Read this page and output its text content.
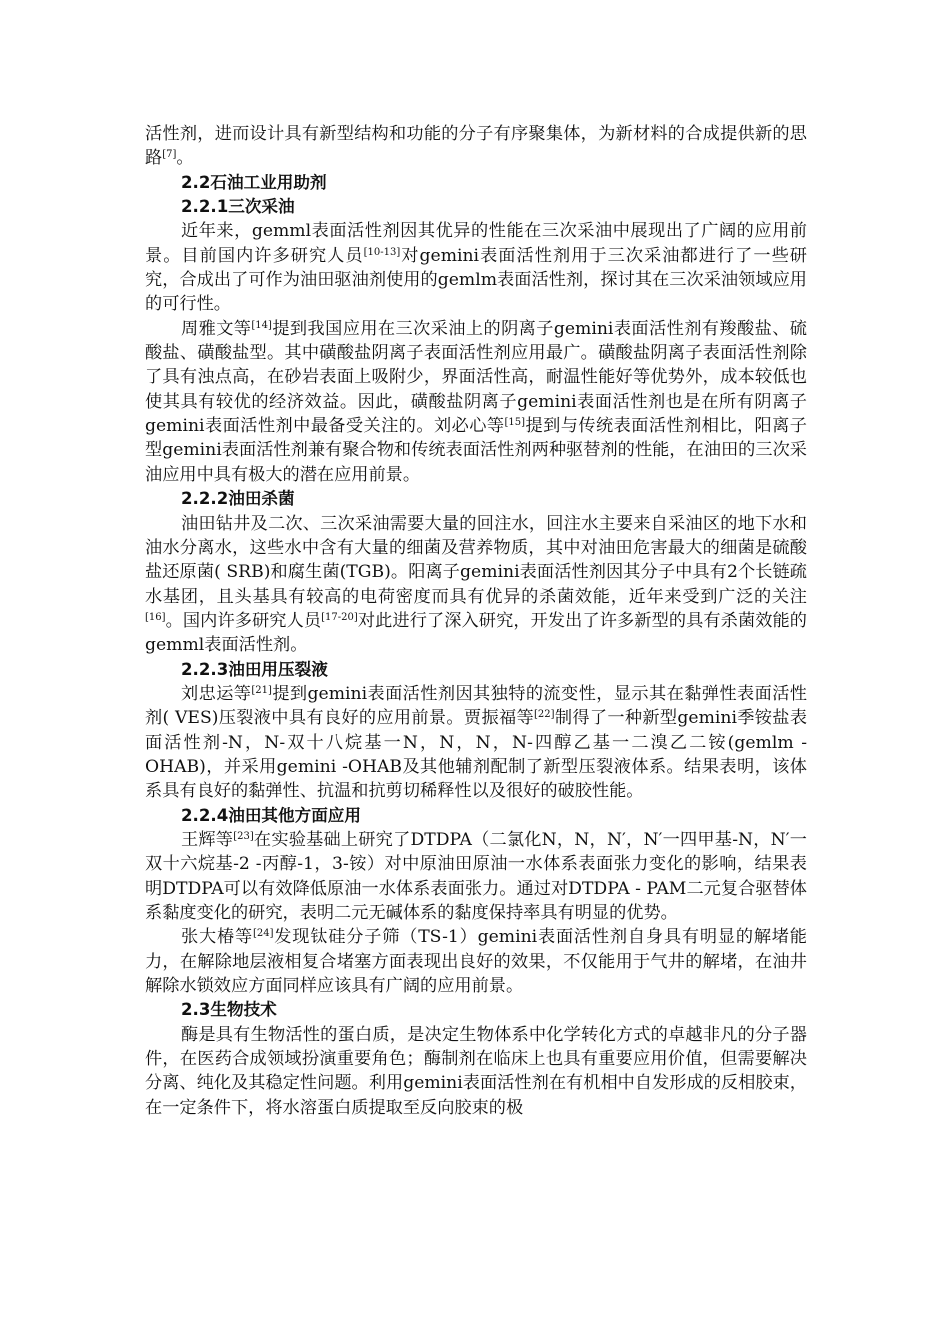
活性剂，进而设计具有新型结构和功能的分子有序聚集体，为新材料的合成提供新的思路[7]。

2.2石油工业用助剂

2.2.1三次采油

近年来，gemml表面活性剂因其优异的性能在三次采油中展现出了广阔的应用前景。目前国内许多研究人员[10-13]对gemini表面活性剂用于三次采油都进行了一些研究，合成出了可作为油田驱油剂使用的gemlm表面活性剂，探讨其在三次采油领域应用的可行性。

周雅文等[14]提到我国应用在三次采油上的阴离子gemini表面活性剂有羧酸盐、硫酸盐、磺酸盐型。其中磺酸盐阴离子表面活性剂应用最广。磺酸盐阴离子表面活性剂除了具有浊点高，在砂岩表面上吸附少，界面活性高，耐温性能好等优势外，成本较低也使其具有较优的经济效益。因此，磺酸盐阴离子gemini表面活性剂也是在所有阴离子gemini表面活性剂中最备受关注的。刘必心等[15]提到与传统表面活性剂相比，阳离子型gemini表面活性剂兼有聚合物和传统表面活性剂两种驱替剂的性能，在油田的三次采油应用中具有极大的潜在应用前景。

2.2.2油田杀菌

油田钻井及二次、三次采油需要大量的回注水，回注水主要来自采油区的地下水和油水分离水，这些水中含有大量的细菌及营养物质，其中对油田危害最大的细菌是硫酸盐还原菌( SRB)和腐生菌(TGB)。阳离子gemini表面活性剂因其分子中具有2个长链疏水基团，且头基具有较高的电荷密度而具有优异的杀菌效能，近年来受到广泛的关注[16]。国内许多研究人员[17-20]对此进行了深入研究，开发出了许多新型的具有杀菌效能的gemml表面活性剂。

2.2.3油田用压裂液

刘忠运等[21]提到gemini表面活性剂因其独特的流变性，显示其在黏弹性表面活性剂( VES)压裂液中具有良好的应用前景。贾振福等[22]制得了一种新型gemini季铵盐表面活性剂-N，N-双十八烷基一N，N，N，N-四醇乙基一二溴乙二铵(gemlm -OHAB)，并采用gemini -OHAB及其他辅剂配制了新型压裂液体系。结果表明，该体系具有良好的黏弹性、抗温和抗剪切稀释性以及很好的破胶性能。

2.2.4油田其他方面应用

王辉等[23]在实验基础上研究了DTDPA（二氯化N，N，N′，N′一四甲基-N，N′一双十六烷基-2 -丙醇-1，3-铵）对中原油田原油一水体系表面张力变化的影响，结果表明DTDPA可以有效降低原油一水体系表面张力。通过对DTDPA - PAM二元复合驱替体系黏度变化的研究，表明二元无碱体系的黏度保持率具有明显的优势。

张大椿等[24]发现钛硅分子筛（TS-1）gemini表面活性剂自身具有明显的解堵能力，在解除地层液相复合堵塞方面表现出良好的效果，不仅能用于气井的解堵，在油井解除水锁效应方面同样应该具有广阔的应用前景。

2.3生物技术

酶是具有生物活性的蛋白质，是决定生物体系中化学转化方式的卓越非凡的分子器件，在医药合成领域扮演重要角色；酶制剂在临床上也具有重要应用价值，但需要解决分离、纯化及其稳定性问题。利用gemini表面活性剂在有机相中自发形成的反相胶束，在一定条件下，将水溶蛋白质提取至反向胶束的极
